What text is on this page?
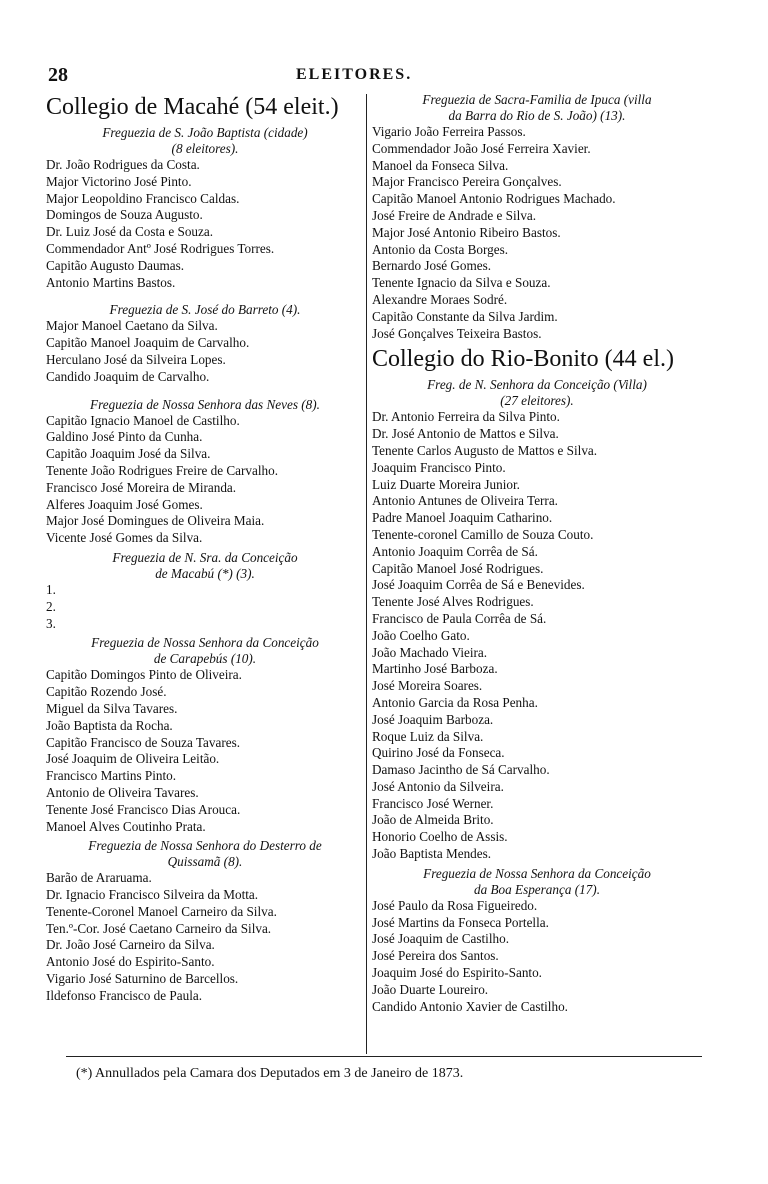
28	ELEITORES.
Collegio de Macahé (54 eleit.)
Freguezia de S. João Baptista (cidade)
(8 eleitores).
Dr. João Rodrigues da Costa.
Major Victorino José Pinto.
Major Leopoldino Francisco Caldas.
Domingos de Souza Augusto.
Dr. Luiz José da Costa e Souza.
Commendador Antº José Rodrigues Torres.
Capitão Augusto Daumas.
Antonio Martins Bastos.
Freguezia de S. José do Barreto (4).
Major Manoel Caetano da Silva.
Capitão Manoel Joaquim de Carvalho.
Herculano José da Silveira Lopes.
Candido Joaquim de Carvalho.
Freguezia de Nossa Senhora das Neves (8).
Capitão Ignacio Manoel de Castilho.
Galdino José Pinto da Cunha.
Capitão Joaquim José da Silva.
Tenente João Rodrigues Freire de Carvalho.
Francisco José Moreira de Miranda.
Alferes Joaquim José Gomes.
Major José Domingues de Oliveira Maia.
Vicente José Gomes da Silva.
Freguezia de N. Sra. da Conceição
de Macabú (*) (3).
1.
2.
3.
Freguezia de Nossa Senhora da Conceição
de Carapebús (10).
Capitão Domingos Pinto de Oliveira.
Capitão Rozendo José.
Miguel da Silva Tavares.
João Baptista da Rocha.
Capitão Francisco de Souza Tavares.
José Joaquim de Oliveira Leitão.
Francisco Martins Pinto.
Antonio de Oliveira Tavares.
Tenente José Francisco Dias Arouca.
Manoel Alves Coutinho Prata.
Freguezia de Nossa Senhora do Desterro de
Quissamã (8).
Barão de Araruama.
Dr. Ignacio Francisco Silveira da Motta.
Tenente-Coronel Manoel Carneiro da Silva.
Ten.º-Cor. José Caetano Carneiro da Silva.
Dr. João José Carneiro da Silva.
Antonio José do Espirito-Santo.
Vigario José Saturnino de Barcellos.
Ildefonso Francisco de Paula.
Freguezia de Sacra-Familia de Ipuca (villa
da Barra do Rio de S. João) (13).
Vigario João Ferreira Passos.
Commendador João José Ferreira Xavier.
Manoel da Fonseca Silva.
Major Francisco Pereira Gonçalves.
Capitão Manoel Antonio Rodrigues Machado.
José Freire de Andrade e Silva.
Major José Antonio Ribeiro Bastos.
Antonio da Costa Borges.
Bernardo José Gomes.
Tenente Ignacio da Silva e Souza.
Alexandre Moraes Sodré.
Capitão Constante da Silva Jardim.
José Gonçalves Teixeira Bastos.
Collegio do Rio-Bonito (44 el.)
Freg. de N. Senhora da Conceição (Villa)
(27 eleitores).
Dr. Antonio Ferreira da Silva Pinto.
Dr. José Antonio de Mattos e Silva.
Tenente Carlos Augusto de Mattos e Silva.
Joaquim Francisco Pinto.
Luiz Duarte Moreira Junior.
Antonio Antunes de Oliveira Terra.
Padre Manoel Joaquim Catharino.
Tenente-coronel Camillo de Souza Couto.
Antonio Joaquim Corrêa de Sá.
Capitão Manoel José Rodrigues.
José Joaquim Corrêa de Sá e Benevides.
Tenente José Alves Rodrigues.
Francisco de Paula Corrêa de Sá.
João Coelho Gato.
João Machado Vieira.
Martinho José Barboza.
José Moreira Soares.
Antonio Garcia da Rosa Penha.
José Joaquim Barboza.
Roque Luiz da Silva.
Quirino José da Fonseca.
Damaso Jacintho de Sá Carvalho.
José Antonio da Silveira.
Francisco José Werner.
João de Almeida Brito.
Honorio Coelho de Assis.
João Baptista Mendes.
Freguezia de Nossa Senhora da Conceição
da Boa Esperança (17).
José Paulo da Rosa Figueiredo.
José Martins da Fonseca Portella.
José Joaquim de Castilho.
José Pereira dos Santos.
Joaquim José do Espirito-Santo.
João Duarte Loureiro.
Candido Antonio Xavier de Castilho.
(*) Annullados pela Camara dos Deputados em 3 de Janeiro de 1873.
